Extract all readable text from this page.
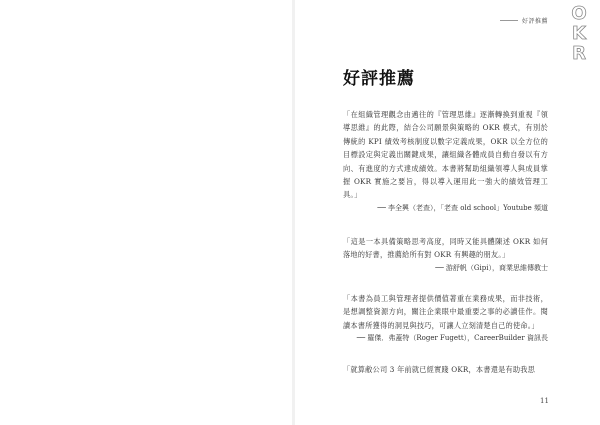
好評推薦 O
K
R
好評推薦

「在組織管理觀念由邁往的『管理思維』逐漸轉換到重視『領導思維』的此際，結合公司願景與策略的 OKR 模式，有別於傳統的 KPI 績效考核制度以數字定義成果，OKR 以全方位的目標設定與定義出關鍵成果，讓組織各體成員自動自發以有方向、有進度的方式達成績效。本書將幫助組織領導人與成員掌握 OKR 實施之要旨，得以導入運用此一強大的績效管理工具。」

── 李全興（老查），「老查 old school」Youtube 頻道

「這是一本具備策略思考高度，同時又能具體陳述 OKR 如何落地的好書，推薦給所有對 OKR 有興趣的朋友。」

── 游舒帆（Gipi），商業思維傳教士

「本書為員工與管理者提供價值著重在業務成果，而非技術，是想調整資源方向，關注企業眼中最重要之事的必讀佳作。閱讀本書所獲得的洞見與技巧，可讓人立刻清楚自己的使命。」

── 羅傑．弗蓋特（Roger Fugett），CareerBuilder 資訊長

「就算敝公司 3 年前就已經實踐 OKR，本書還是有助我思

11
